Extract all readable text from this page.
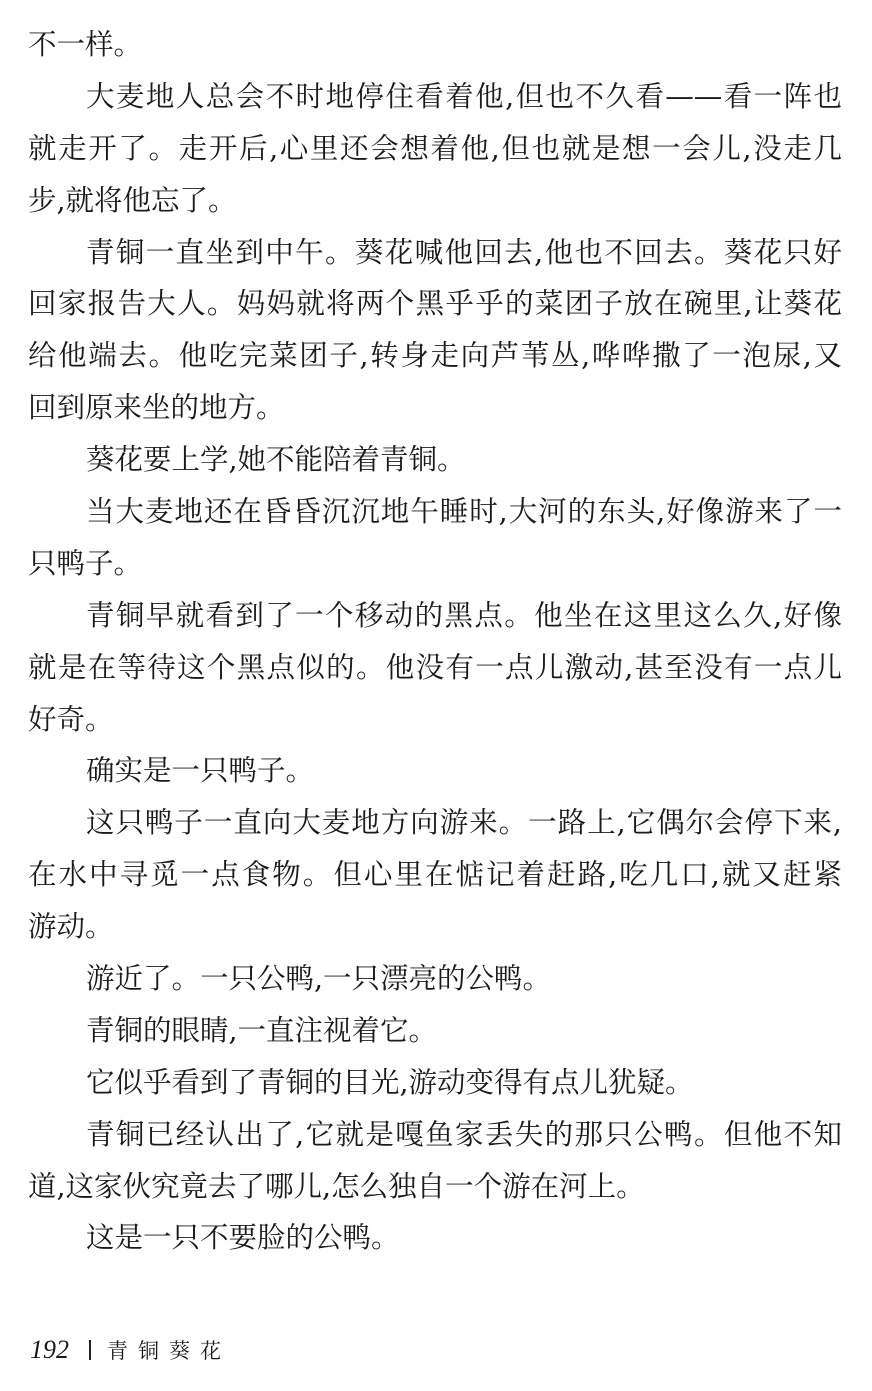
不一样。
大麦地人总会不时地停住看着他,但也不久看——看一阵也
就走开了。走开后,心里还会想着他,但也就是想一会儿,没走几
步,就将他忘了。
青铜一直坐到中午。葵花喊他回去,他也不回去。葵花只好
回家报告大人。妈妈就将两个黑乎乎的菜团子放在碗里,让葵花
给他端去。他吃完菜团子,转身走向芦苇丛,哗哗撒了一泡尿,又
回到原来坐的地方。
葵花要上学,她不能陪着青铜。
当大麦地还在昏昏沉沉地午睡时,大河的东头,好像游来了一
只鸭子。
青铜早就看到了一个移动的黑点。他坐在这里这么久,好像
就是在等待这个黑点似的。他没有一点儿激动,甚至没有一点儿
好奇。
确实是一只鸭子。
这只鸭子一直向大麦地方向游来。一路上,它偶尔会停下来,
在水中寻觅一点食物。但心里在惦记着赶路,吃几口,就又赶紧
游动。
游近了。一只公鸭,一只漂亮的公鸭。
青铜的眼睛,一直注视着它。
它似乎看到了青铜的目光,游动变得有点儿犹疑。
青铜已经认出了,它就是嘎鱼家丢失的那只公鸭。但他不知
道,这家伙究竟去了哪儿,怎么独自一个游在河上。
这是一只不要脸的公鸭。
192 青铜葵花
